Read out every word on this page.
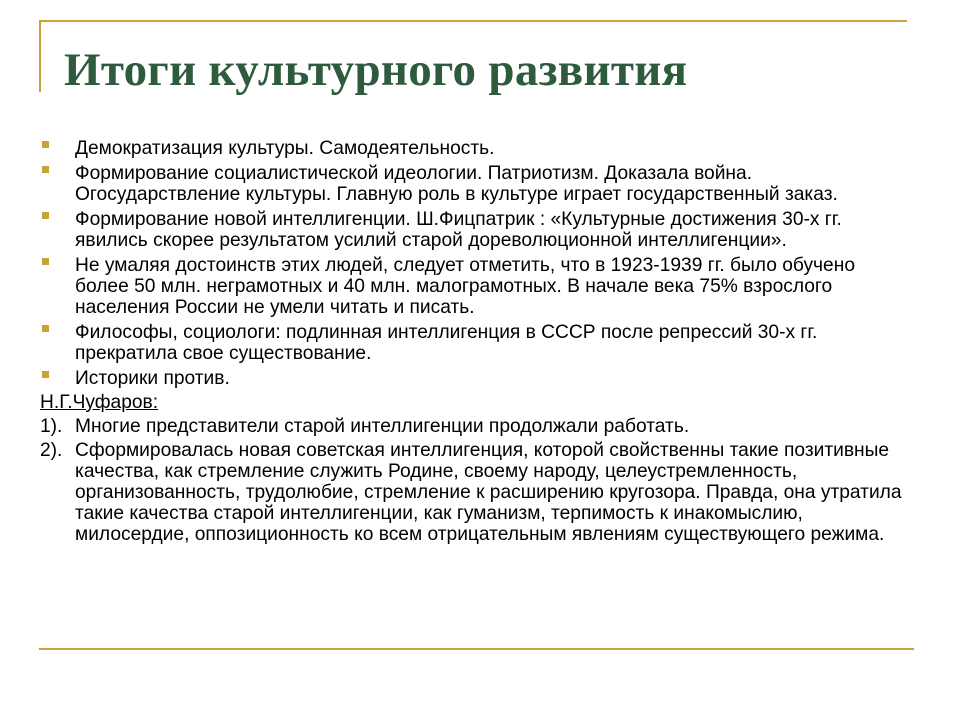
Итоги культурного развития
Демократизация культуры. Самодеятельность.
Формирование социалистической идеологии. Патриотизм. Доказала война. Огосударствление культуры. Главную роль в культуре играет государственный заказ.
Формирование новой интеллигенции. Ш.Фицпатрик : «Культурные достижения 30-х гг. явились скорее результатом усилий старой дореволюционной интеллигенции».
Не умаляя достоинств этих людей, следует отметить, что в 1923-1939 гг. было обучено более 50 млн. неграмотных и 40 млн. малограмотных. В начале века 75% взрослого населения России не умели читать и писать.
Философы, социологи: подлинная интеллигенция в СССР после репрессий 30-х гг. прекратила свое существование.
Историки против.
Н.Г.Чуфаров:
1). Многие представители старой интеллигенции продолжали работать.
2). Сформировалась новая советская интеллигенция, которой свойственны такие позитивные качества, как стремление служить Родине, своему народу, целеустремленность, организованность, трудолюбие, стремление к расширению кругозора. Правда, она утратила такие качества старой интеллигенции, как гуманизм, терпимость к инакомыслию, милосердие, оппозиционность ко всем отрицательным явлениям существующего режима.
